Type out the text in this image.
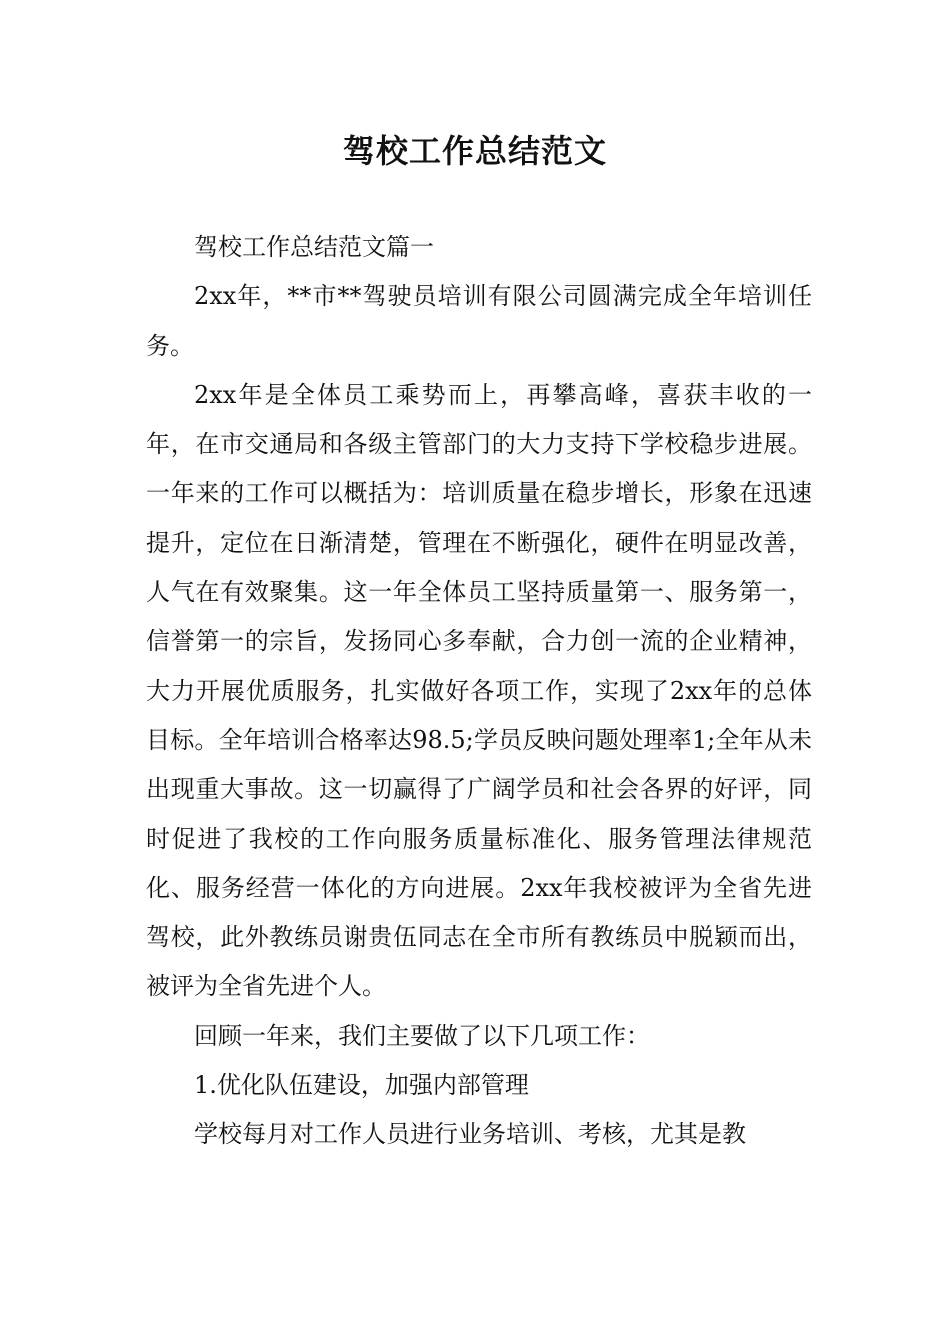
驾校工作总结范文

驾校工作总结范文篇一

2xx年，**市**驾驶员培训有限公司圆满完成全年培训任务。

2xx年是全体员工乘势而上，再攀高峰，喜获丰收的一年，在市交通局和各级主管部门的大力支持下学校稳步进展。一年来的工作可以概括为：培训质量在稳步增长，形象在迅速提升，定位在日渐清楚，管理在不断强化，硬件在明显改善，人气在有效聚集。这一年全体员工坚持质量第一、服务第一，信誉第一的宗旨，发扬同心多奉献，合力创一流的企业精神，大力开展优质服务，扎实做好各项工作，实现了2xx年的总体目标。全年培训合格率达98.5;学员反映问题处理率1;全年从未出现重大事故。这一切赢得了广阔学员和社会各界的好评，同时促进了我校的工作向服务质量标准化、服务管理法律规范化、服务经营一体化的方向进展。2xx年我校被评为全省先进驾校，此外教练员谢贵伍同志在全市所有教练员中脱颖而出，被评为全省先进个人。

回顾一年来，我们主要做了以下几项工作：

1.优化队伍建设，加强内部管理

学校每月对工作人员进行业务培训、考核，尤其是教
